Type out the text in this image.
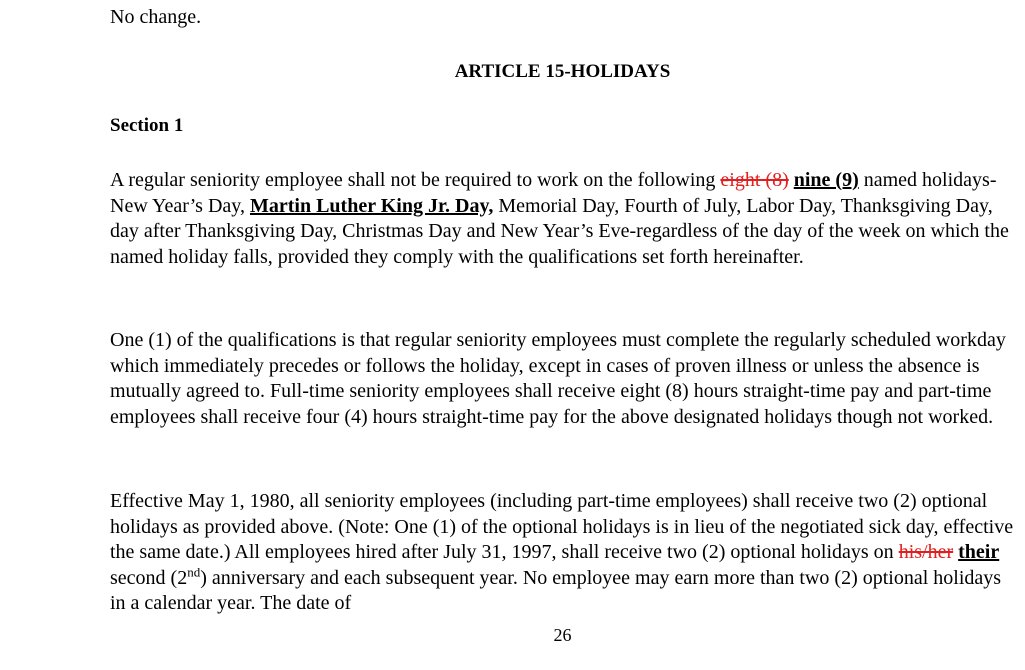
No change.

ARTICLE 15-HOLIDAYS

Section 1

A regular seniority employee shall not be required to work on the following eight (8) nine (9) named holidays-New Year’s Day, Martin Luther King Jr. Day, Memorial Day, Fourth of July, Labor Day, Thanksgiving Day, day after Thanksgiving Day, Christmas Day and New Year’s Eve-regardless of the day of the week on which the named holiday falls, provided they comply with the qualifications set forth hereinafter.

One (1) of the qualifications is that regular seniority employees must complete the regularly scheduled workday which immediately precedes or follows the holiday, except in cases of proven illness or unless the absence is mutually agreed to. Full-time seniority employees shall receive eight (8) hours straight-time pay and part-time employees shall receive four (4) hours straight-time pay for the above designated holidays though not worked.

Effective May 1, 1980, all seniority employees (including part-time employees) shall receive two (2) optional holidays as provided above. (Note: One (1) of the optional holidays is in lieu of the negotiated sick day, effective the same date.) All employees hired after July 31, 1997, shall receive two (2) optional holidays on his/her their second (2nd) anniversary and each subsequent year. No employee may earn more than two (2) optional holidays in a calendar year. The date of

26
